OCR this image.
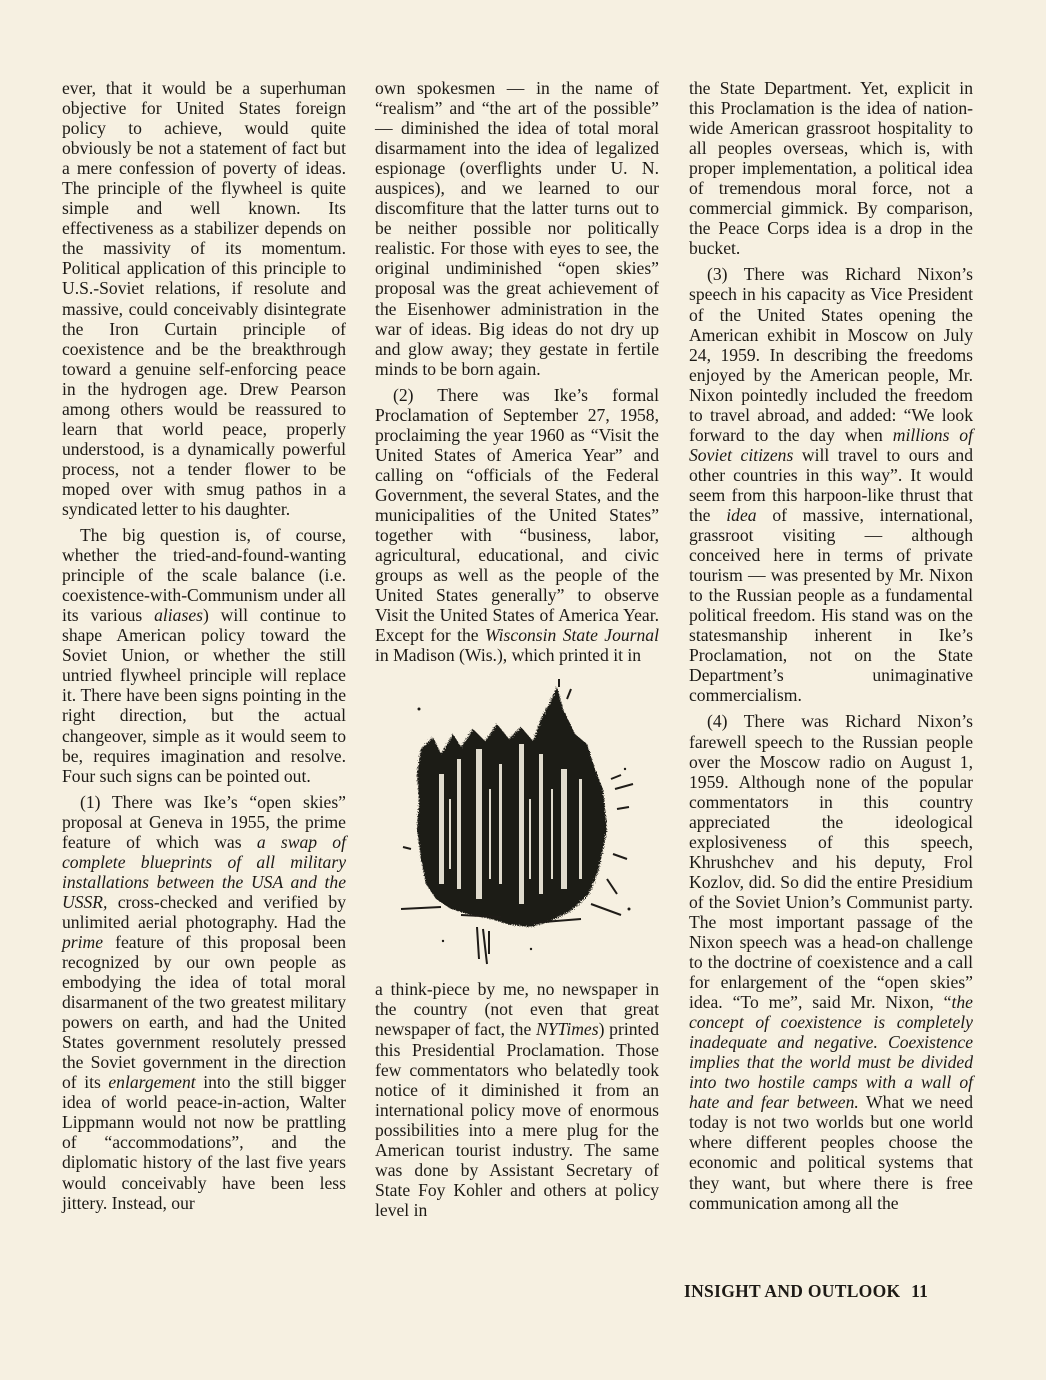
ever, that it would be a superhuman objective for United States foreign policy to achieve, would quite obviously be not a statement of fact but a mere confession of poverty of ideas. The principle of the flywheel is quite simple and well known. Its effectiveness as a stabilizer depends on the massivity of its momentum. Political application of this principle to U.S.-Soviet relations, if resolute and massive, could conceivably disintegrate the Iron Curtain principle of coexistence and be the breakthrough toward a genuine self-enforcing peace in the hydrogen age. Drew Pearson among others would be reassured to learn that world peace, properly understood, is a dynamically powerful process, not a tender flower to be moped over with smug pathos in a syndicated letter to his daughter.

The big question is, of course, whether the tried-and-found-wanting principle of the scale balance (i.e. coexistence-with-Communism under all its various aliases) will continue to shape American policy toward the Soviet Union, or whether the still untried flywheel principle will replace it. There have been signs pointing in the right direction, but the actual changeover, simple as it would seem to be, requires imagination and resolve. Four such signs can be pointed out.

(1) There was Ike’s “open skies” proposal at Geneva in 1955, the prime feature of which was a swap of complete blueprints of all military installations between the USA and the USSR, cross-checked and verified by unlimited aerial photography. Had the prime feature of this proposal been recognized by our own people as embodying the idea of total moral disarmanent of the two greatest military powers on earth, and had the United States government resolutely pressed the Soviet government in the direction of its enlargement into the still bigger idea of world peace-in-action, Walter Lippmann would not now be prattling of “accommodations”, and the diplomatic history of the last five years would conceivably have been less jittery. Instead, our

own spokesmen — in the name of “realism” and “the art of the possible” — diminished the idea of total moral disarmament into the idea of legalized espionage (overflights under U. N. auspices), and we learned to our discomfiture that the latter turns out to be neither possible nor politically realistic. For those with eyes to see, the original undiminished “open skies” proposal was the great achievement of the Eisenhower administration in the war of ideas. Big ideas do not dry up and glow away; they gestate in fertile minds to be born again.

(2) There was Ike’s formal Proclamation of September 27, 1958, proclaiming the year 1960 as “Visit the United States of America Year” and calling on “officials of the Federal Government, the several States, and the municipalities of the United States” together with “business, labor, agricultural, educational, and civic groups as well as the people of the United States generally” to observe Visit the United States of America Year. Except for the Wisconsin State Journal in Madison (Wis.), which printed it in

a think-piece by me, no newspaper in the country (not even that great newspaper of fact, the NYTimes) printed this Presidential Proclamation. Those few commentators who belatedly took notice of it diminished it from an international policy move of enormous possibilities into a mere plug for the American tourist industry. The same was done by Assistant Secretary of State Foy Kohler and others at policy level in

the State Department. Yet, explicit in this Proclamation is the idea of nation-wide American grassroot hospitality to all peoples overseas, which is, with proper implementation, a political idea of tremendous moral force, not a commercial gimmick. By comparison, the Peace Corps idea is a drop in the bucket.

(3) There was Richard Nixon’s speech in his capacity as Vice President of the United States opening the American exhibit in Moscow on July 24, 1959. In describing the freedoms enjoyed by the American people, Mr. Nixon pointedly included the freedom to travel abroad, and added: “We look forward to the day when millions of Soviet citizens will travel to ours and other countries in this way”. It would seem from this harpoon-like thrust that the idea of massive, international, grassroot visiting — although conceived here in terms of private tourism — was presented by Mr. Nixon to the Russian people as a fundamental political freedom. His stand was on the statesmanship inherent in Ike’s Proclamation, not on the State Department’s unimaginative commercialism.

(4) There was Richard Nixon’s farewell speech to the Russian people over the Moscow radio on August 1, 1959. Although none of the popular commentators in this country appreciated the ideological explosiveness of this speech, Khrushchev and his deputy, Frol Kozlov, did. So did the entire Presidium of the Soviet Union’s Communist party. The most important passage of the Nixon speech was a head-on challenge to the doctrine of coexistence and a call for enlargement of the “open skies” idea. “To me”, said Mr. Nixon, “the concept of coexistence is completely inadequate and negative. Coexistence implies that the world must be divided into two hostile camps with a wall of hate and fear between. What we need today is not two worlds but one world where different peoples choose the economic and political systems that they want, but where there is free communication among all the

INSIGHT AND OUTLOOK 11
